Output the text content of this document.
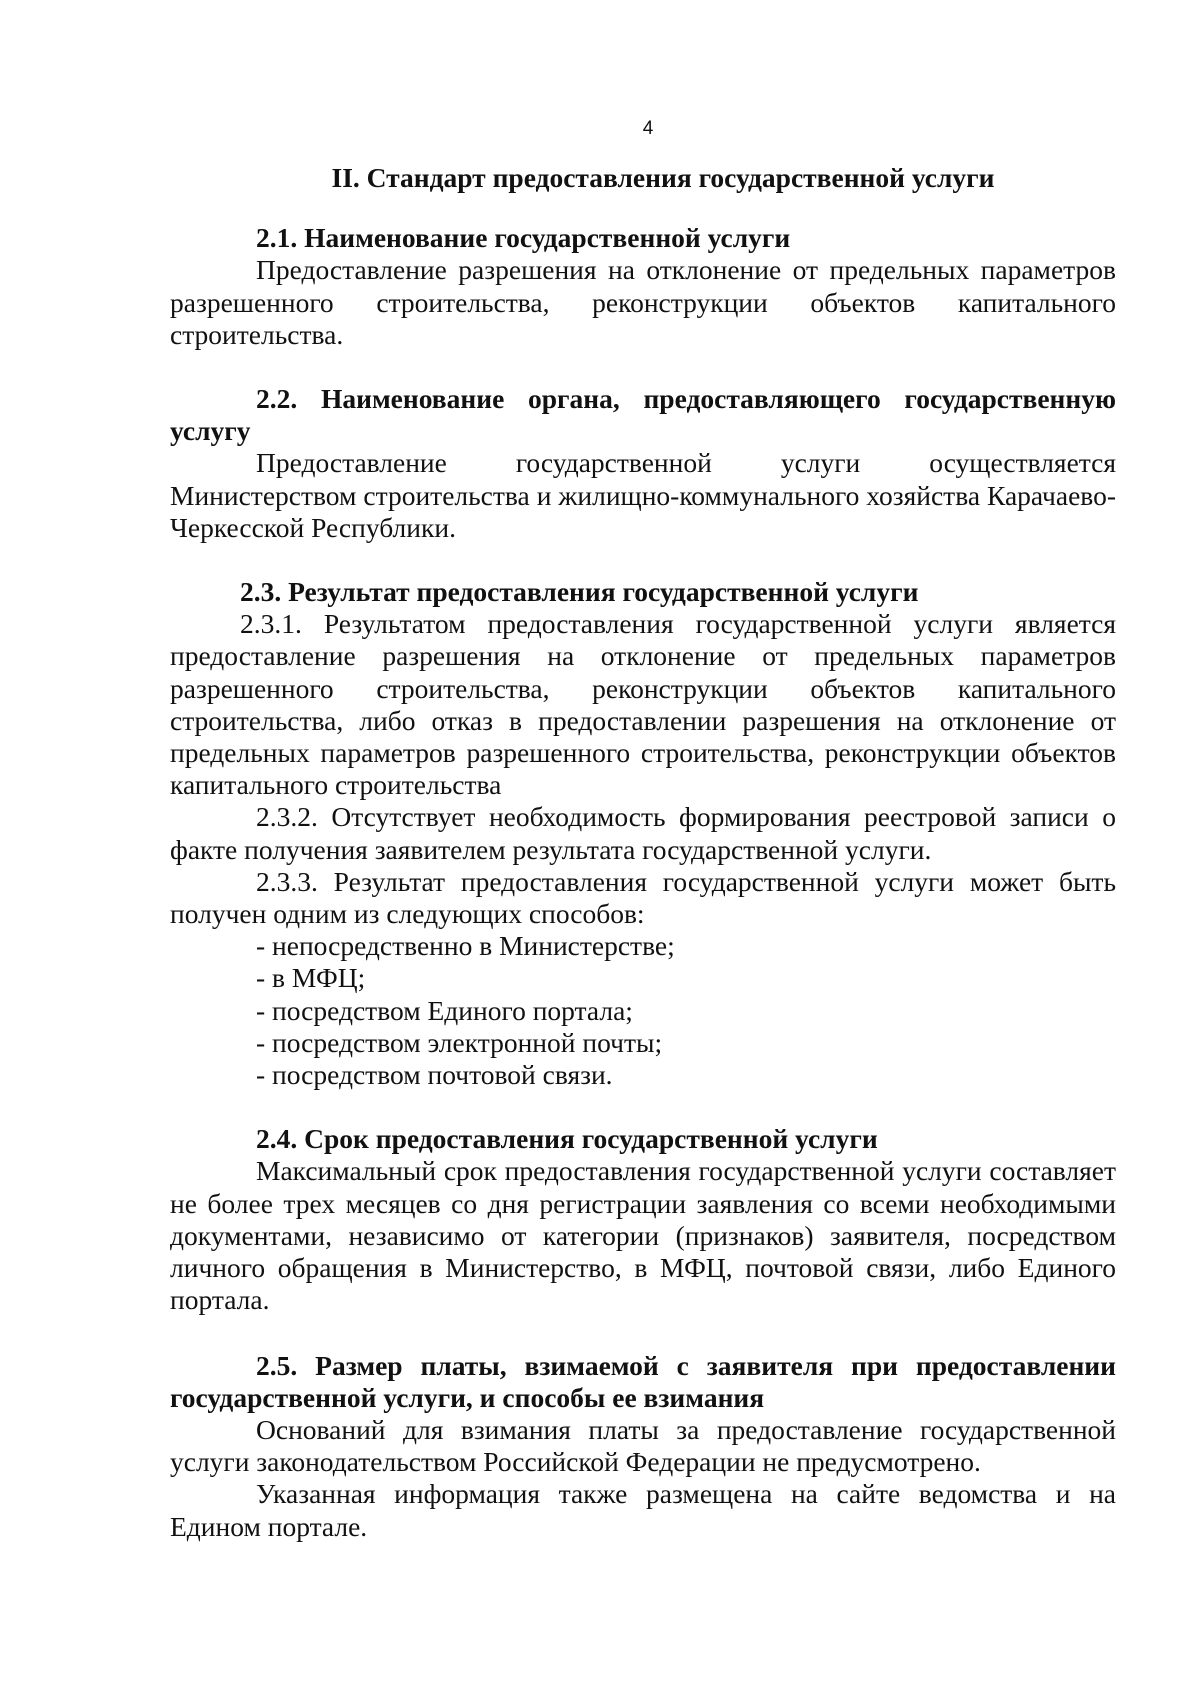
4
II. Стандарт предоставления государственной услуги

2.1. Наименование государственной услуги

Предоставление разрешения на отклонение от предельных параметров разрешенного строительства, реконструкции объектов капитального строительства.

2.2. Наименование органа, предоставляющего государственную услугу

Предоставление государственной услуги осуществляется Министерством строительства и жилищно-коммунального хозяйства Карачаево-Черкесской Республики.

2.3. Результат предоставления государственной услуги

2.3.1. Результатом предоставления государственной услуги является предоставление разрешения на отклонение от предельных параметров разрешенного строительства, реконструкции объектов капитального строительства, либо отказ в предоставлении разрешения на отклонение от предельных параметров разрешенного строительства, реконструкции объектов капитального строительства

2.3.2. Отсутствует необходимость формирования реестровой записи о факте получения заявителем результата государственной услуги.

2.3.3. Результат предоставления государственной услуги может быть получен одним из следующих способов:

- непосредственно в Министерстве;

- в МФЦ;

- посредством Единого портала;

- посредством электронной почты;

- посредством почтовой связи.

2.4. Срок предоставления государственной услуги

Максимальный срок предоставления государственной услуги составляет не более трех месяцев со дня регистрации заявления со всеми необходимыми документами, независимо от категории (признаков) заявителя, посредством личного обращения в Министерство, в МФЦ, почтовой связи, либо Единого портала.

2.5. Размер платы, взимаемой с заявителя при предоставлении государственной услуги, и способы ее взимания

Оснований для взимания платы за предоставление государственной услуги законодательством Российской Федерации не предусмотрено.

Указанная информация также размещена на сайте ведомства и на Едином портале.
